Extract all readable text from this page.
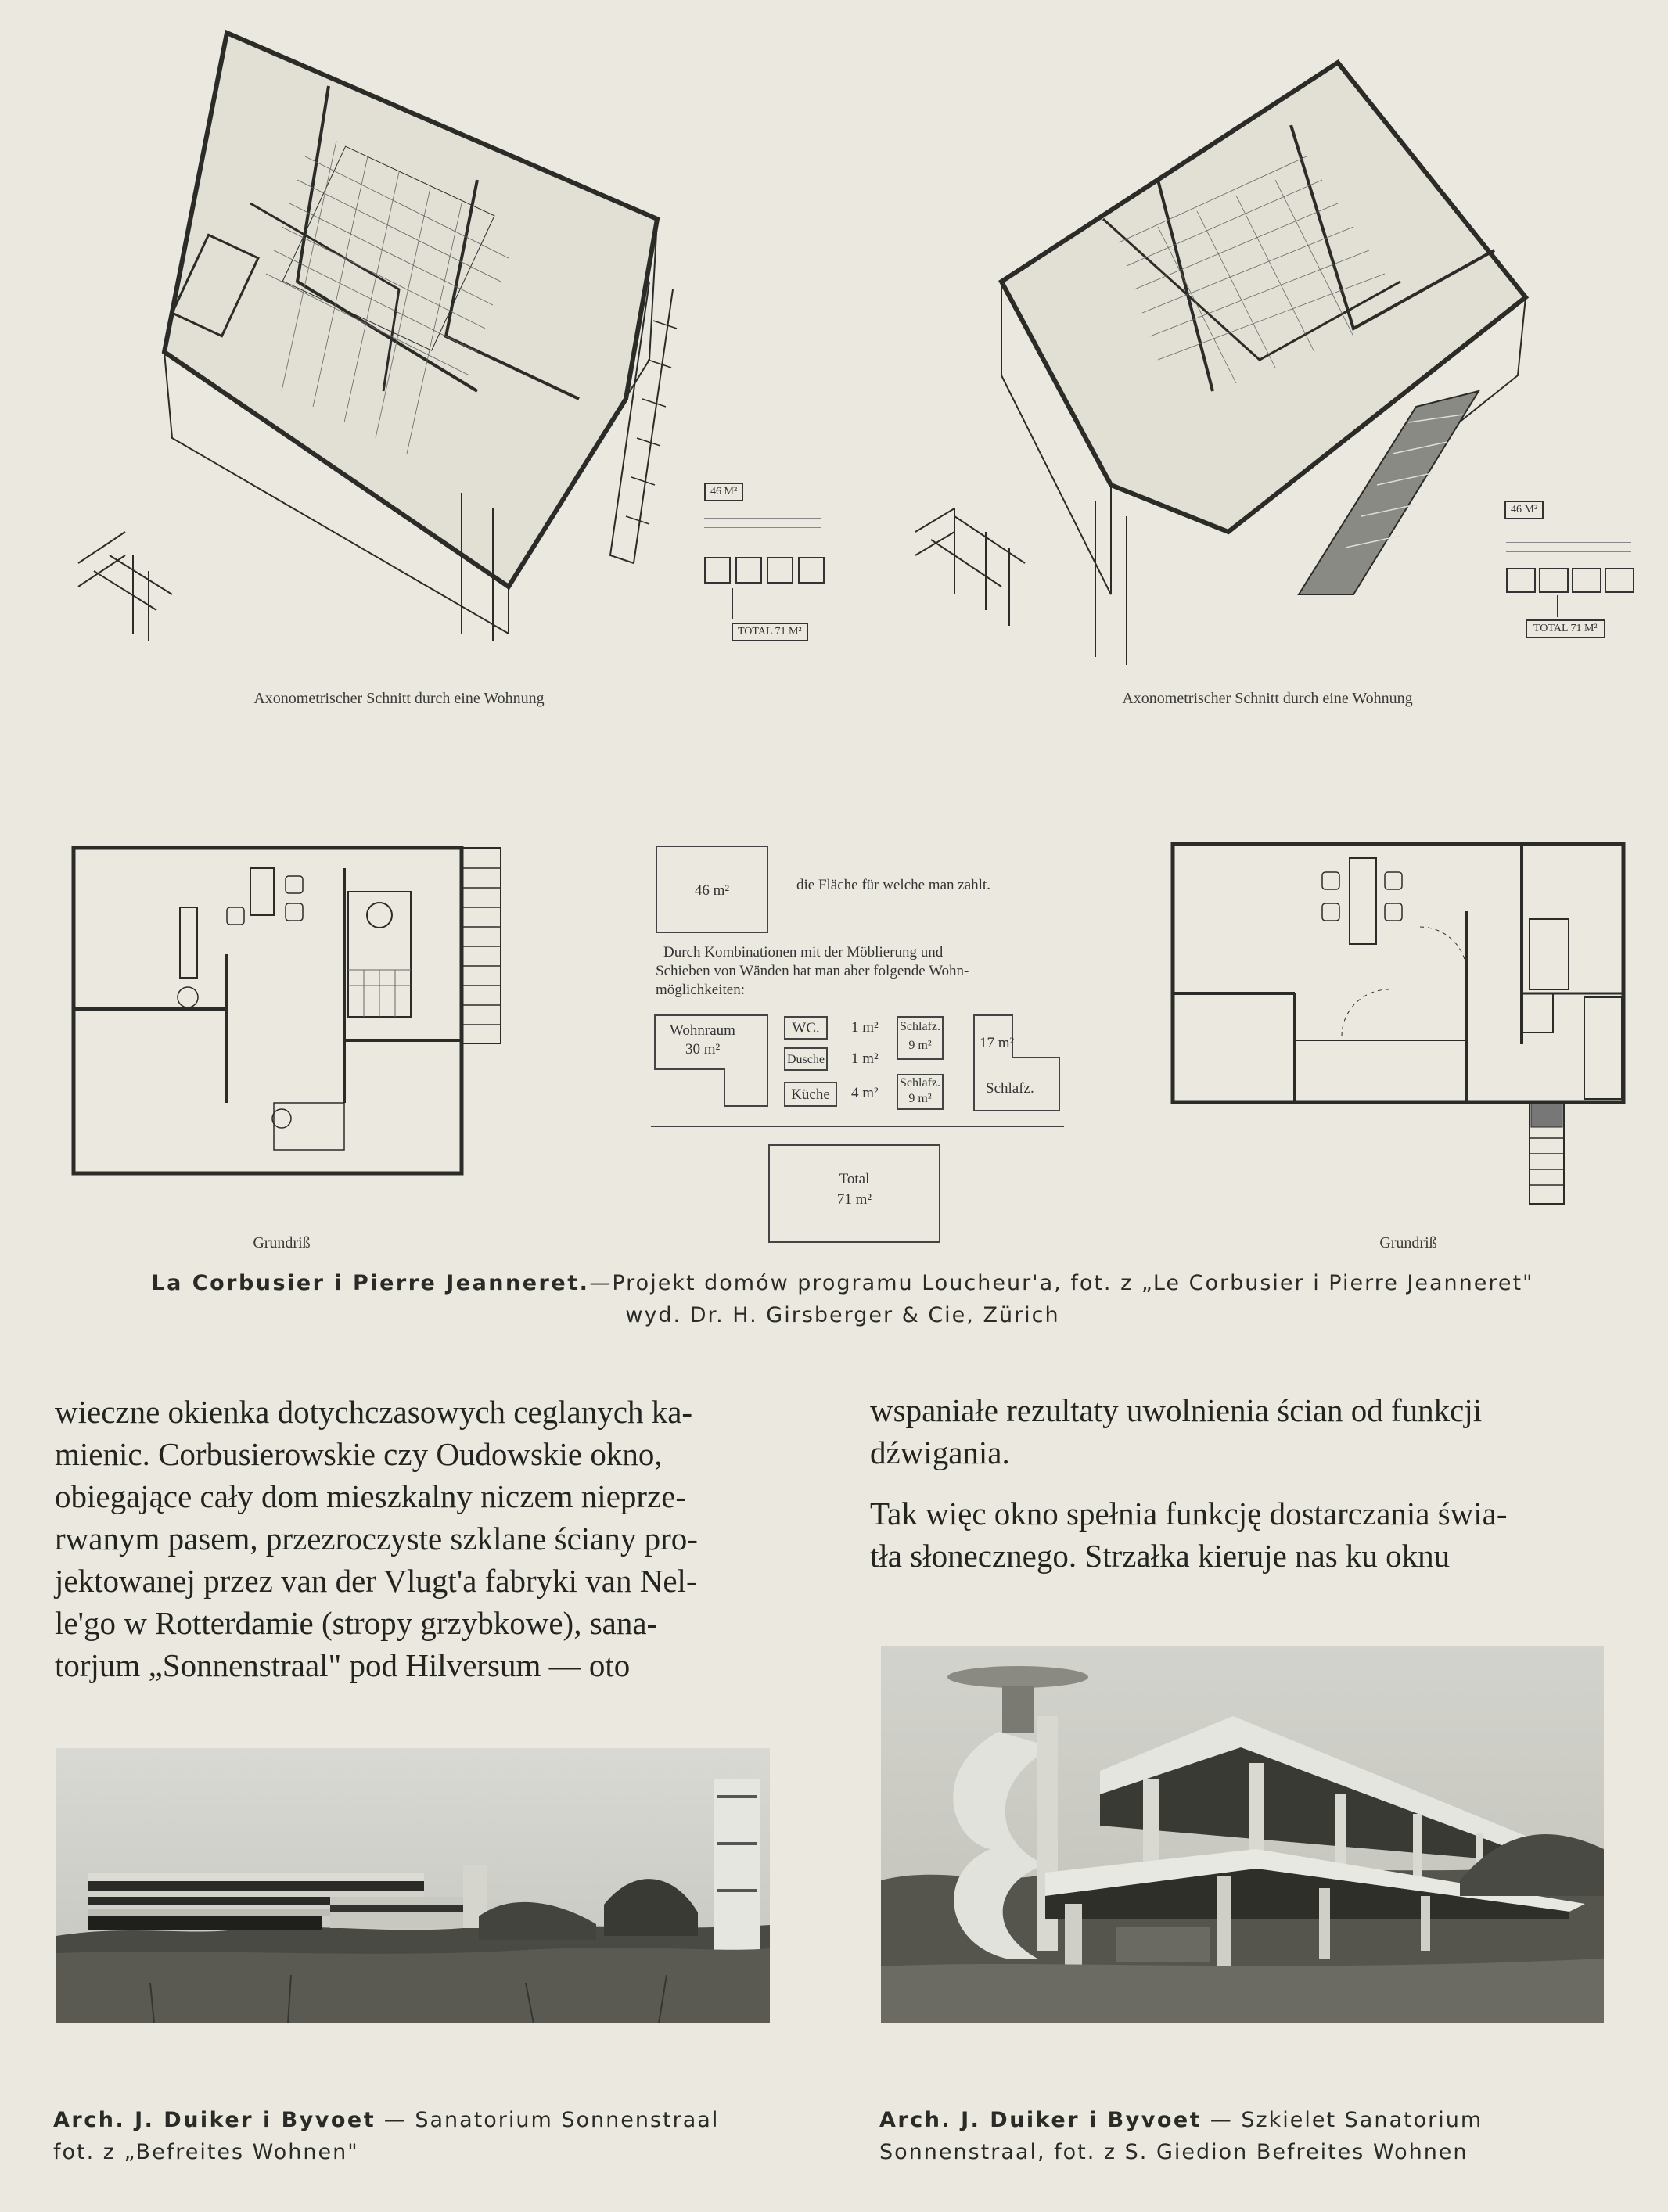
46 M²
TOTAL 71 M²
Axonometrischer Schnitt durch eine Wohnung
46 M²
TOTAL 71 M²
Axonometrischer Schnitt durch eine Wohnung
Grundriß
46 m²	die Fläche für welche man zahlt.
Durch Kombinationen mit der Möblierung und
Schieben von Wänden hat man aber folgende Wohn-
möglichkeiten:
Wohnraum
30 m²
WC.	1 m²
Dusche 1 m²
Küche	4 m²
Schlafz.
9 m²
Schlafz.
9 m²
17 m²
Schlafz.
Total
71 m²
Grundriß
La Corbusier i Pierre Jeanneret.—Projekt domów programu Loucheur'a, fot. z „Le Corbusier i Pierre Jeanneret"
wyd. Dr. H. Girsberger & Cie, Zürich

wieczne okienka dotychczasowych ceglanych ka-

mienic. Corbusierowskie czy Oudowskie okno,

obiegające cały dom mieszkalny niczem nieprze-

rwanym pasem, przezroczyste szklane ściany pro-

jektowanej przez van der Vlugt'a fabryki van Nel-

le'go w Rotterdamie (stropy grzybkowe), sana-

torjum „Sonnenstraal" pod Hilversum — oto

wspaniałe rezultaty uwolnienia ścian od funkcji

dźwigania.

Tak więc okno spełnia funkcję dostarczania świa-

tła słonecznego. Strzałka kieruje nas ku oknu

Arch. J. Duiker i Byvoet — Sanatorium Sonnenstraal
fot. z „Befreites Wohnen"
Arch. J. Duiker i Byvoet — Szkielet Sanatorium
Sonnenstraal, fot. z S. Giedion Befreites Wohnen
